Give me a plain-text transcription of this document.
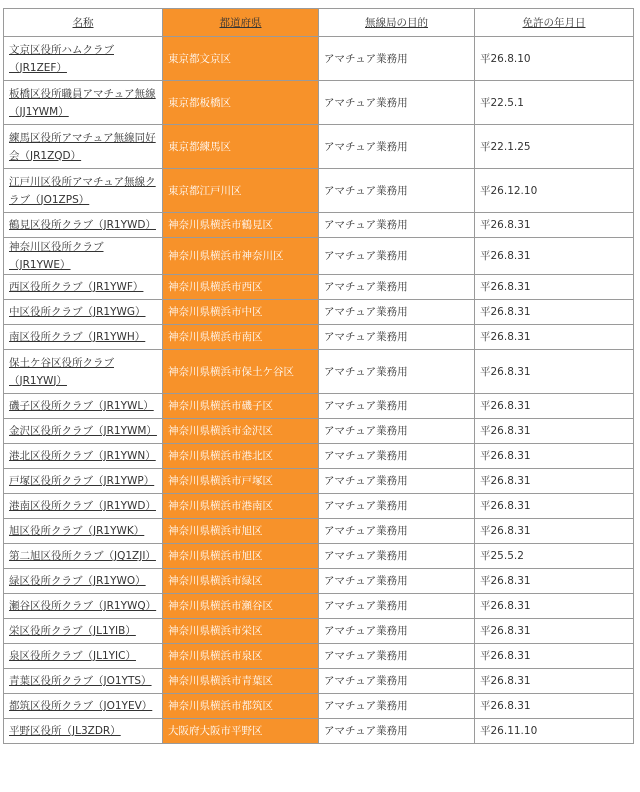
名称	都道府県	無線局の目的	免許の年月日
文京区役所ハムクラブ（JR1ZEF）	東京都文京区	アマチュア業務用	平26.8.10
板橋区役所職員アマチュア無線（JJ1YWM）	東京都板橋区	アマチュア業務用	平22.5.1
練馬区役所アマチュア無線同好会（JR1ZQD）	東京都練馬区	アマチュア業務用	平22.1.25
江戸川区役所アマチュア無線クラブ（JO1ZPS）	東京都江戸川区	アマチュア業務用	平26.12.10
鶴見区役所クラブ（JR1YWD）	神奈川県横浜市鶴見区	アマチュア業務用	平26.8.31
神奈川区役所クラブ（JR1YWE）	神奈川県横浜市神奈川区	アマチュア業務用	平26.8.31
西区役所クラブ（JR1YWF）	神奈川県横浜市西区	アマチュア業務用	平26.8.31
中区役所クラブ（JR1YWG）	神奈川県横浜市中区	アマチュア業務用	平26.8.31
南区役所クラブ（JR1YWH）	神奈川県横浜市南区	アマチュア業務用	平26.8.31
保土ケ谷区役所クラブ（JR1YWJ）	神奈川県横浜市保土ケ谷区	アマチュア業務用	平26.8.31
磯子区役所クラブ（JR1YWL）	神奈川県横浜市磯子区	アマチュア業務用	平26.8.31
金沢区役所クラブ（JR1YWM）	神奈川県横浜市金沢区	アマチュア業務用	平26.8.31
港北区役所クラブ（JR1YWN）	神奈川県横浜市港北区	アマチュア業務用	平26.8.31
戸塚区役所クラブ（JR1YWP）	神奈川県横浜市戸塚区	アマチュア業務用	平26.8.31
港南区役所クラブ（JR1YWD）	神奈川県横浜市港南区	アマチュア業務用	平26.8.31
旭区役所クラブ（JR1YWK）	神奈川県横浜市旭区	アマチュア業務用	平26.8.31
第二旭区役所クラブ（JQ1ZJI）	神奈川県横浜市旭区	アマチュア業務用	平25.5.2
緑区役所クラブ（JR1YWO）	神奈川県横浜市緑区	アマチュア業務用	平26.8.31
瀬谷区役所クラブ（JR1YWQ）	神奈川県横浜市瀬谷区	アマチュア業務用	平26.8.31
栄区役所クラブ（JL1YIB）	神奈川県横浜市栄区	アマチュア業務用	平26.8.31
泉区役所クラブ（JL1YIC）	神奈川県横浜市泉区	アマチュア業務用	平26.8.31
青葉区役所クラブ（JO1YTS）	神奈川県横浜市青葉区	アマチュア業務用	平26.8.31
都筑区役所クラブ（JO1YEV）	神奈川県横浜市都筑区	アマチュア業務用	平26.8.31
平野区役所（JL3ZDR）	大阪府大阪市平野区	アマチュア業務用	平26.11.10
